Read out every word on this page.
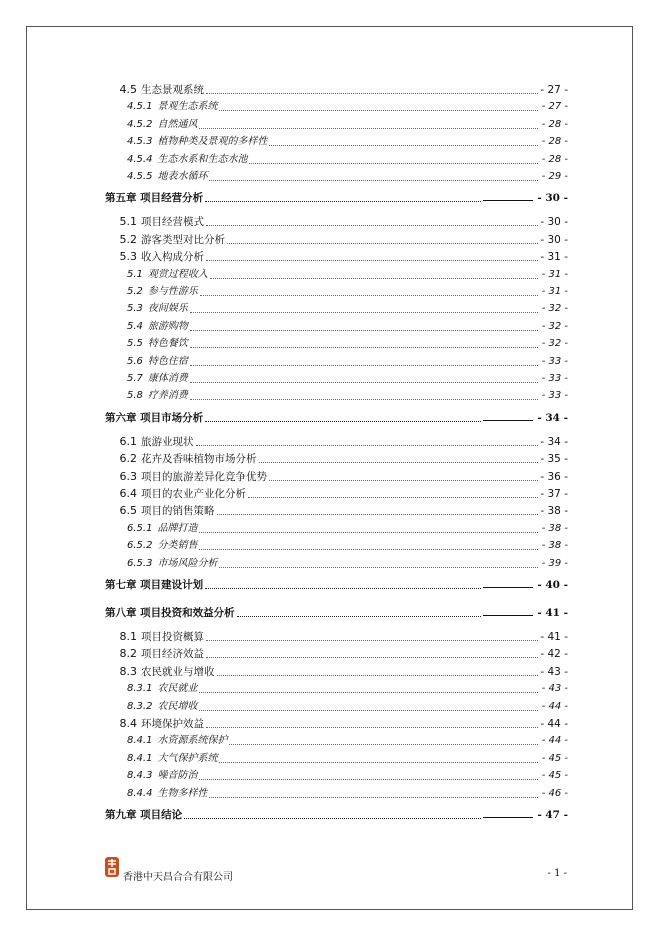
4.5 生态景观系统	- 27 -
4.5.1 景观生态系统	- 27 -
4.5.2 自然通风	- 28 -
4.5.3 植物种类及景观的多样性	- 28 -
4.5.4 生态水系和生态水池	- 28 -
4.5.5 地表水循环	- 29 -
第五章 项目经营分析	- 30 -
5.1 项目经营模式	- 30 -
5.2 游客类型对比分析	- 30 -
5.3 收入构成分析	- 31 -
5.1 观赏过程收入	- 31 -
5.2 参与性游乐	- 31 -
5.3 夜间娱乐	- 32 -
5.4 旅游购物	- 32 -
5.5 特色餐饮	- 32 -
5.6 特色住宿	- 33 -
5.7 康体消费	- 33 -
5.8 疗养消费	- 33 -
第六章 项目市场分析	- 34 -
6.1 旅游业现状	- 34 -
6.2 花卉及香味植物市场分析	- 35 -
6.3 项目的旅游差异化竞争优势	- 36 -
6.4 项目的农业产业化分析	- 37 -
6.5 项目的销售策略	- 38 -
6.5.1 品牌打造	- 38 -
6.5.2 分类销售	- 38 -
6.5.3 市场风险分析	- 39 -
第七章 项目建设计划	- 40 -
第八章 项目投资和效益分析	- 41 -
8.1 项目投资概算	- 41 -
8.2 项目经济效益	- 42 -
8.3 农民就业与增收	- 43 -
8.3.1 农民就业	- 43 -
8.3.2 农民增收	- 44 -
8.4 环境保护效益	- 44 -
8.4.1 水资源系统保护	- 44 -
8.4.1 大气保护系统	- 45 -
8.4.3 噪音防治	- 45 -
8.4.4 生物多样性	- 46 -
第九章 项目结论	- 47 -
香港中天昌合合有限公司	- 1 -
